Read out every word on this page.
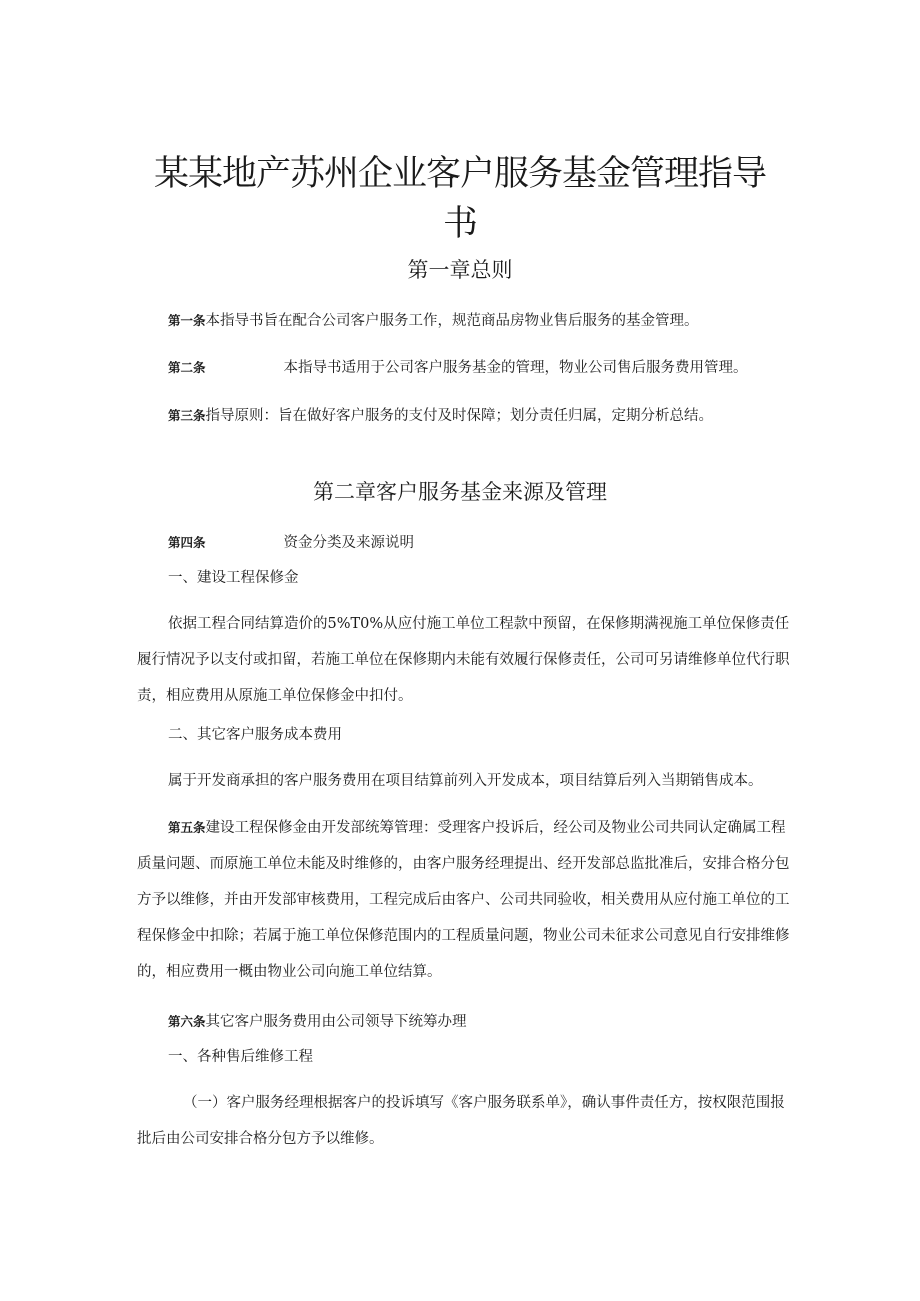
某某地产苏州企业客户服务基金管理指导书
第一章总则
第一条本指导书旨在配合公司客户服务工作，规范商品房物业售后服务的基金管理。
第二条	本指导书适用于公司客户服务基金的管理，物业公司售后服务费用管理。
第三条指导原则：旨在做好客户服务的支付及时保障；划分责任归属，定期分析总结。
第二章客户服务基金来源及管理
第四条	资金分类及来源说明
一、建设工程保修金
依据工程合同结算造价的5%T0%从应付施工单位工程款中预留，在保修期满视施工单位保修责任履行情况予以支付或扣留，若施工单位在保修期内未能有效履行保修责任，公司可另请维修单位代行职责，相应费用从原施工单位保修金中扣付。
二、其它客户服务成本费用
属于开发商承担的客户服务费用在项目结算前列入开发成本，项目结算后列入当期销售成本。
第五条建设工程保修金由开发部统筹管理：受理客户投诉后，经公司及物业公司共同认定确属工程质量问题、而原施工单位未能及时维修的，由客户服务经理提出、经开发部总监批准后，安排合格分包方予以维修，并由开发部审核费用，工程完成后由客户、公司共同验收，相关费用从应付施工单位的工程保修金中扣除；若属于施工单位保修范围内的工程质量问题，物业公司未征求公司意见自行安排维修的，相应费用一概由物业公司向施工单位结算。
第六条其它客户服务费用由公司领导下统筹办理
一、各种售后维修工程
（一）客户服务经理根据客户的投诉填写《客户服务联系单》，确认事件责任方，按权限范围报批后由公司安排合格分包方予以维修。
